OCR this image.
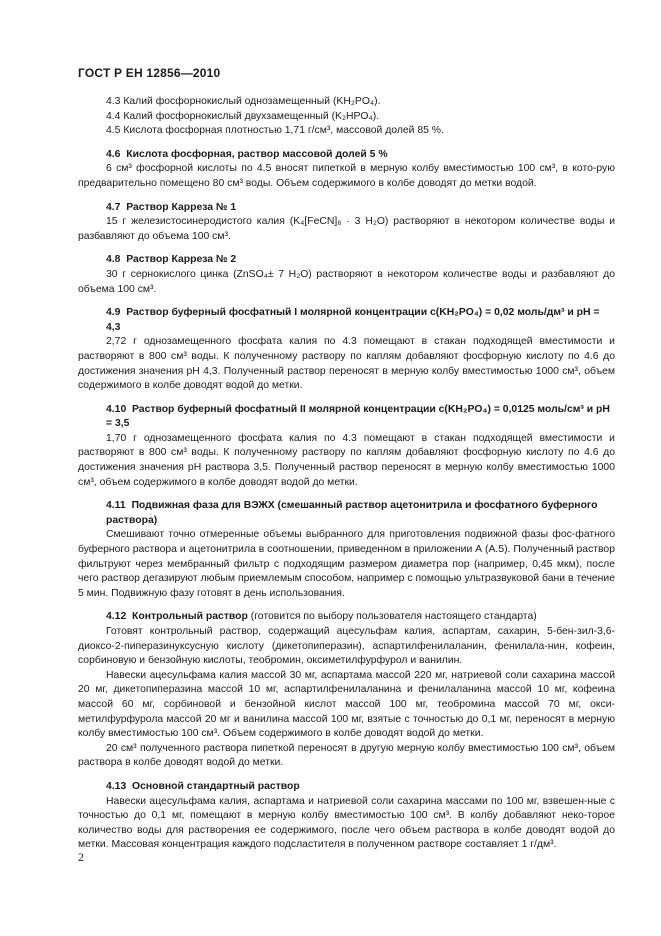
ГОСТ Р ЕН 12856—2010

4.3 Калий фосфорнокислый однозамещенный (KH₂PO₄).

4.4 Калий фосфорнокислый двухзамещенный (K₂HPO₄).

4.5 Кислота фосфорная плотностью 1,71 г/см³, массовой долей 85 %.

4.6 Кислота фосфорная, раствор массовой долей 5 %

6 см³ фосфорной кислоты по 4.5 вносят пипеткой в мерную колбу вместимостью 100 см³, в кото-рую предварительно помещено 80 см³ воды. Объем содержимого в колбе доводят до метки водой.

4.7 Раствор Карреза № 1

15 г железистосинеродистого калия (K₄[FeCN]₆ · 3 H₂O) растворяют в некотором количестве воды и разбавляют до объема 100 см³.

4.8 Раствор Карреза № 2

30 г сернокислого цинка (ZnSO₄± 7 H₂O) растворяют в некотором количестве воды и разбавляют до объема 100 см³.

4.9 Раствор буферный фосфатный I молярной концентрации c(KH₂PO₄) = 0,02 моль/дм³ и pH = 4,3

2,72 г однозамещенного фосфата калия по 4.3 помещают в стакан подходящей вместимости и растворяют в 800 см³ воды. К полученному раствору по каплям добавляют фосфорную кислоту по 4.6 до достижения значения pH 4,3. Полученный раствор переносят в мерную колбу вместимостью 1000 см³, объем содержимого в колбе доводят водой до метки.

4.10 Раствор буферный фосфатный II молярной концентрации c(KH₂PO₄) = 0,0125 моль/см³ и pH = 3,5

1,70 г однозамещенного фосфата калия по 4.3 помещают в стакан подходящей вместимости и растворяют в 800 см³ воды. К полученному раствору по каплям добавляют фосфорную кислоту по 4.6 до достижения значения pH раствора 3,5. Полученный раствор переносят в мерную колбу вместимостью 1000 см³, объем содержимого в колбе доводят водой до метки.

4.11 Подвижная фаза для ВЭЖХ (смешанный раствор ацетонитрила и фосфатного буферного раствора)

Смешивают точно отмеренные объемы выбранного для приготовления подвижной фазы фос-фатного буферного раствора и ацетонитрила в соотношении, приведенном в приложении А (А.5). Полученный раствор фильтруют через мембранный фильтр с подходящим размером диаметра пор (например, 0,45 мкм), после чего раствор дегазируют любым приемлемым способом, например с помощью ультразвуковой бани в течение 5 мин. Подвижную фазу готовят в день использования.

4.12 Контрольный раствор (готовится по выбору пользователя настоящего стандарта)

Готовят контрольный раствор, содержащий ацесульфам калия, аспартам, сахарин, 5-бен-зил-3,6-диоксо-2-пиперазинуксусную кислоту (дикетопиперазин), аспартилфенилаланин, фенилала-нин, кофеин, сорбиновую и бензойную кислоты, теобромин, оксиметилфурфурол и ванилин.

Навески ацесульфама калия массой 30 мг, аспартама массой 220 мг, натриевой соли сахарина массой 20 мг, дикетопиперазина массой 10 мг, аспартилфенилаланина и фенилаланина массой 10 мг, кофеина массой 60 мг, сорбиновой и бензойной кислот массой 100 мг, теобромина массой 70 мг, окси-метилфурфурола массой 20 мг и ванилина массой 100 мг, взятые с точностью до 0,1 мг, переносят в мерную колбу вместимостью 100 см³. Объем содержимого в колбе доводят водой до метки.

20 см³ полученного раствора пипеткой переносят в другую мерную колбу вместимостью 100 см³, объем раствора в колбе доводят водой до метки.

4.13 Основной стандартный раствор

Навески ацесульфама калия, аспартама и натриевой соли сахарина массами по 100 мг, взвешен-ные с точностью до 0,1 мг, помещают в мерную колбу вместимостью 100 см³. В колбу добавляют неко-торое количество воды для растворения ее содержимого, после чего объем раствора в колбе доводят водой до метки. Массовая концентрация каждого подсластителя в полученном растворе составляет 1 г/дм³.

2
